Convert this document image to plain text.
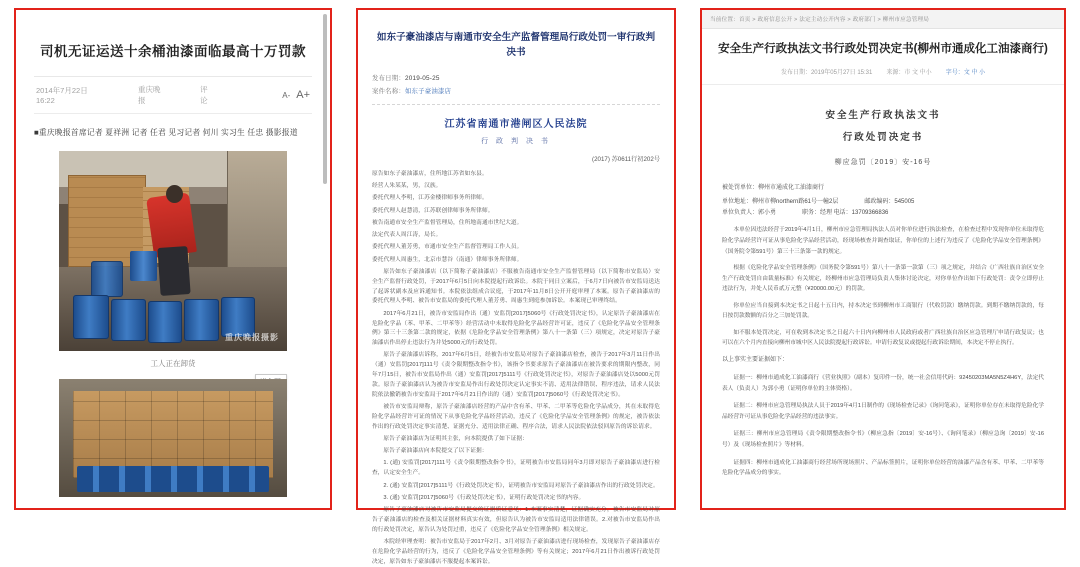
司机无证运送十余桶油漆面临最高十万罚款
2014年7月22日 16:22
重庆晚报
评论
A- A+
■重庆晚报首席记者 夏祥洲 记者 任君 见习记者 何川 实习生 任忠 摄影报道
重庆晚报摄影
工人正在卸货
如东子豪油漆店与南通市安全生产监督管理局行政处罚一审行政判决书
发布日期：2019-05-25
案件名称：如东子豪油漆店
江苏省南通市港闸区人民法院
行 政 判 决 书
(2017) 苏0611行初202号
原告如东子豪油漆店，住所地江苏省如东县。
经营人朱某某，男，汉族。
委托代理人李明，江苏金楼律师事务所律师。
委托代理人赵慧清，江苏联创律师事务所律师。
被告南通市安全生产监督管理局，住所地南通市世纪大道。
法定代表人周江涛，局长。
委托代理人董芳勇，市通市安全生产监督管理局工作人员。
委托代理人周惠生，北京市慧谷（南通）律师事务所律师。
原告如东子豪油漆店（以下简称子豪油漆店）不服被告南通市安全生产监督管理局（以下简称市安监局）安全生产监督行政处罚，于2017年6月5日向本院提起行政诉讼。本院于同日立案后，于6月7日向被告市安监局送达了起诉状副本及应诉通知书。本院依法组成合议庭，于2017年11月8日公开开庭审理了本案。原告子豪油漆店的委托代理人李明、被告市安监局的委托代理人董芳勇、周惠生到庭参加诉讼。本案现已审理终结。
2017年6月21日，被告市安监局作出（通）安监罚[2017]5060号《行政处罚决定书》，认定原告子豪油漆店在危险化学品（苯、甲苯、二甲苯等）经营活动中未取得危险化学品经营许可证，违反了《危险化学品安全管理条例》第三十三条第二款的规定，依据《危险化学品安全管理条例》第八十一条第（三）项规定，决定对原告子豪油漆店作出停止违法行为并处5000元的行政处罚。
原告子豪油漆店诉称，2017年6月5日，经被告市安监局对原告子豪油漆店检查，被告于2017年3月11日作出（通）安监罚[2017]111号《责令限期整改指令书》，该指令书要求原告子豪油漆店在被告要求的期限内整改，同年7月15日，被告市安监局作出（通）安监罚[2017]5111号《行政处罚决定书》，对原告子豪油漆店处以5000元罚款。原告子豪油漆店认为被告市安监局作出行政处罚决定认定事实不清、适用法律错误、程序违法，请求人民法院依法撤销被告市安监局于2017年6月21日作出的（通）安监罚[2017]5060号《行政处罚决定书》。
被告市安监局辩称，原告子豪油漆店经营的产品中含有苯、甲苯、二甲苯等危险化学品成分，其在未取得危险化学品经营许可证的情况下从事危险化学品经营活动，违反了《危险化学品安全管理条例》的规定，被告依法作出的行政处罚决定事实清楚、证据充分、适用法律正确、程序合法，请求人民法院依法驳回原告的诉讼请求。
原告子豪油漆店为证明其主张，向本院提供了如下证据：
原告子豪油漆店向本院提交了以下证据：
1. (通) 安监罚[2017]111号《责令限期整改指令书》，证明被告市安监局同年3月即对原告子豪油漆店进行检查，认定安全生产。
2. (通) 安监罚[2017]5111号《行政处罚决定书》，证明被告市安监局对原告子豪油漆店作出的行政处罚决定。
3. (通) 安监罚[2017]5060号《行政处罚决定书》，证明行政处罚决定书的内容。
原告子豪油漆店对被告市安监局提交的证据质证意见：1.本案事实清楚，证据确实充分，被告市安监局对原告子豪油漆店的检查及相关证据材料真实有效，但原告认为被告市安监局适用法律错误。2.对被告市安监局作出的行政处罚决定，原告认为处罚过重，违反了《危险化学品安全管理条例》相关规定。
本院经审理查明：被告市安监局于2017年2月、3月对原告子豪油漆店进行现场检查，发现原告子豪油漆店存在危险化学品经营的行为，违反了《危险化学品安全管理条例》等有关规定；2017年6月21日作出被诉行政处罚决定，原告如东子豪油漆店不服提起本案诉讼。
当前位置：首页 > 政府信息公开 > 法定主动公开内容 > 政府部门 > 柳州市应急管理局
安全生产行政执法文书行政处罚决定书(柳州市通成化工油漆商行)
发布日期：2019年05月27日 15:31 来源：市 文 中小 字号：文 中 小
安全生产行政执法文书
行政处罚决定书
柳应急罚〔2019〕安-16号
被处罚单位：柳州市通成化工油漆商行
单位地址：柳州市柳northern路61号一幢2层	邮政编码：545005
单位负责人：郭小勇	职务：经理 电话：13709366836
本单位因违法经营于2019年4月1日，柳州市应急管理局执法人员对你单位进行执法检查，在检查过程中发现你单位未取得危险化学品经营许可证从事危险化学品经营活动，经现场核查并调查取证，你单位的上述行为违反了《危险化学品安全管理条例》（国务院令第591号）第三十三条第一款的规定。
根据《危险化学品安全管理条例》（国务院令第591号）第八十一条第一款第（三）项之规定，并结合《广西壮族自治区安全生产行政处罚自由裁量标准》有关规定，经柳州市应急管理局负责人集体讨论决定，对你单位作出如下行政处罚：责令立即停止违法行为，并处人民币贰万元整（¥20000.00元）的罚款。
你单位应当自接到本决定书之日起十五日内，持本决定书到柳州市工商银行（代收罚款）缴纳罚款。到期不缴纳罚款的，每日按罚款数额的百分之三加处罚款。
如不服本处罚决定，可在收到本决定书之日起六十日内向柳州市人民政府或者广西壮族自治区应急管理厅申请行政复议；也可以在六个月内直接向柳州市城中区人民法院提起行政诉讼。申请行政复议或提起行政诉讼期间，本决定不停止执行。
以上事实主要证据如下：
证据一：柳州市通成化工油漆商行《营业执照》（副本）复印件一份，统一社会信用代码：92450203MA5N5Z4H6Y，法定代表人（负责人）为郭小勇（证明你单位的主体资格）。
证据二：柳州市应急管理局执法人员于2019年4月1日制作的《现场检查记录》《询问笔录》，证明你单位存在未取得危险化学品经营许可证从事危险化学品经营的违法事实。
证据三：柳州市应急管理局《责令限期整改指令书》（柳应急指〔2019〕安-16号）、《询问笔录》（柳应急询〔2019〕安-16号）及《现场检查照片》等材料。
证据四：柳州市通成化工油漆商行经营场所现场照片、产品标签照片，证明你单位经营的油漆产品含有苯、甲苯、二甲苯等危险化学品成分的事实。
